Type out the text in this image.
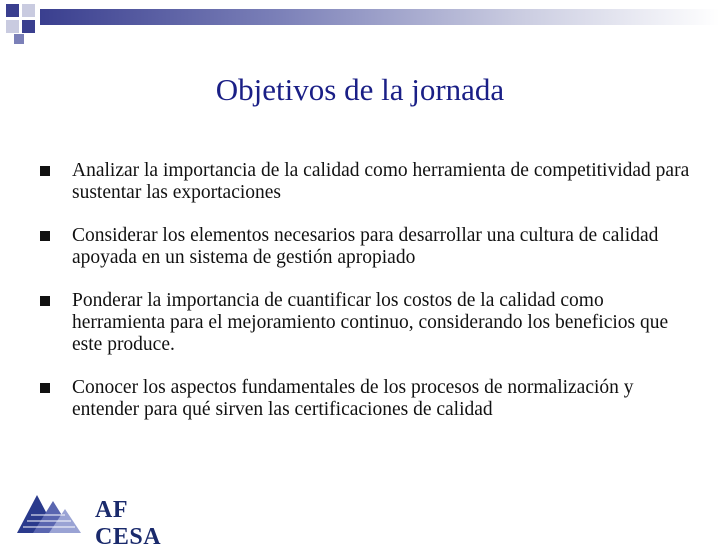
Objetivos de la jornada
Analizar la importancia de la calidad como herramienta de competitividad para sustentar las exportaciones
Considerar los elementos necesarios para desarrollar una cultura de calidad apoyada en un sistema de gestión apropiado
Ponderar la importancia de cuantificar los costos de la calidad como herramienta para el mejoramiento continuo, considerando los beneficios que este produce.
Conocer los aspectos fundamentales de los procesos de normalización y entender para qué sirven las certificaciones de calidad
AF CESA
